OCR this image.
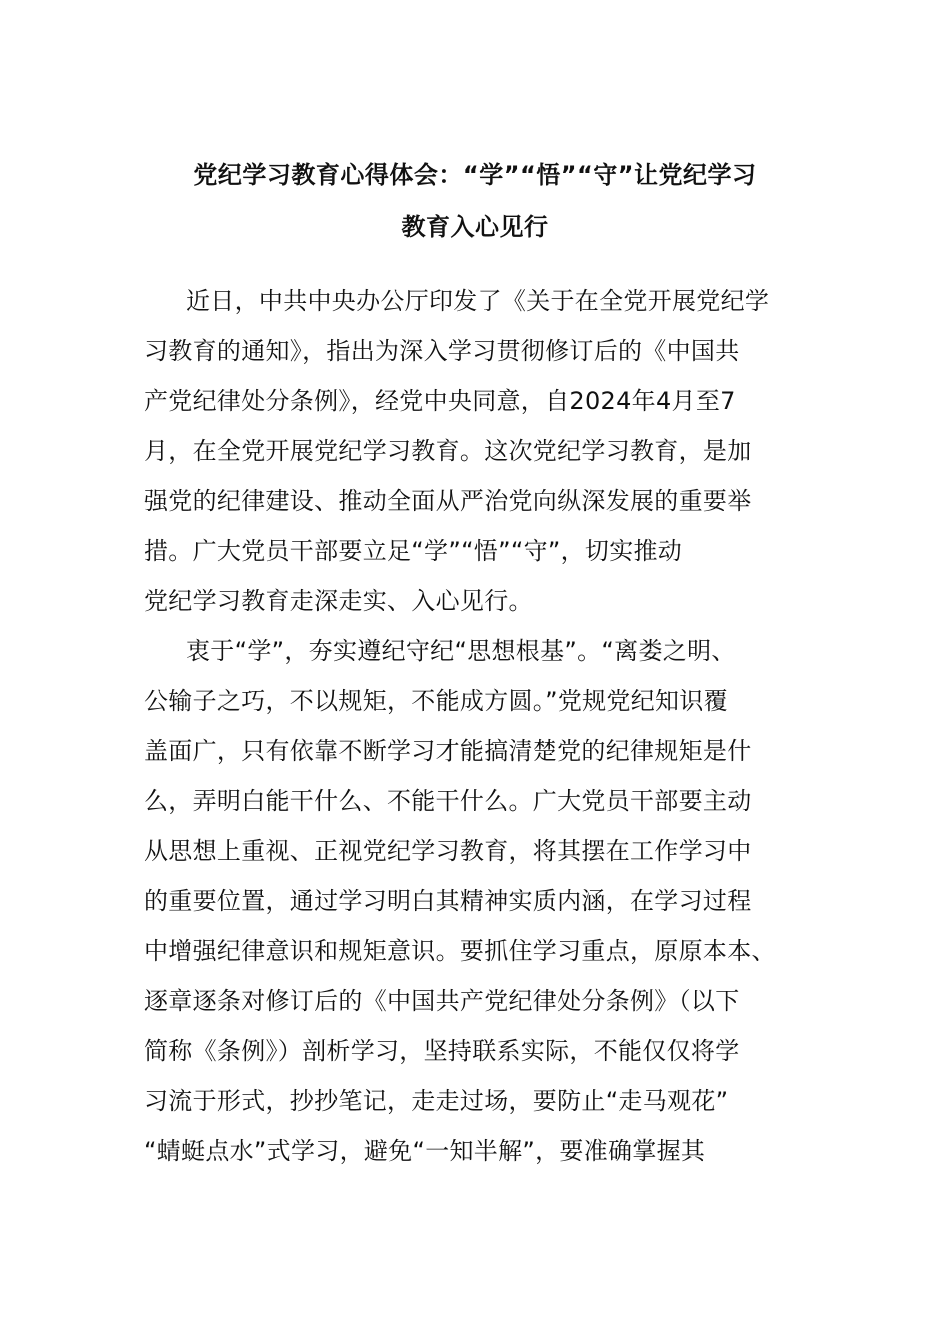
党纪学习教育心得体会：“学”“悟”“守”让党纪学习
教育入心见行
近日，中共中央办公厅印发了《关于在全党开展党纪学
习教育的通知》，指出为深入学习贯彻修订后的《中国共
产党纪律处分条例》，经党中央同意，自2024年4月至7
月，在全党开展党纪学习教育。这次党纪学习教育，是加
强党的纪律建设、推动全面从严治党向纵深发展的重要举
措。广大党员干部要立足“学”“悟”“守”，切实推动
党纪学习教育走深走实、入心见行。
衷于“学”，夯实遵纪守纪“思想根基”。“离娄之明、
公输子之巧，不以规矩，不能成方圆。”党规党纪知识覆
盖面广，只有依靠不断学习才能搞清楚党的纪律规矩是什
么，弄明白能干什么、不能干什么。广大党员干部要主动
从思想上重视、正视党纪学习教育，将其摆在工作学习中
的重要位置，通过学习明白其精神实质内涵，在学习过程
中增强纪律意识和规矩意识。要抓住学习重点，原原本本、
逐章逐条对修订后的《中国共产党纪律处分条例》（以下
简称《条例》）剖析学习，坚持联系实际，不能仅仅将学
习流于形式，抄抄笔记，走走过场，要防止“走马观花”
“蜻蜓点水”式学习，避免“一知半解”，要准确掌握其
